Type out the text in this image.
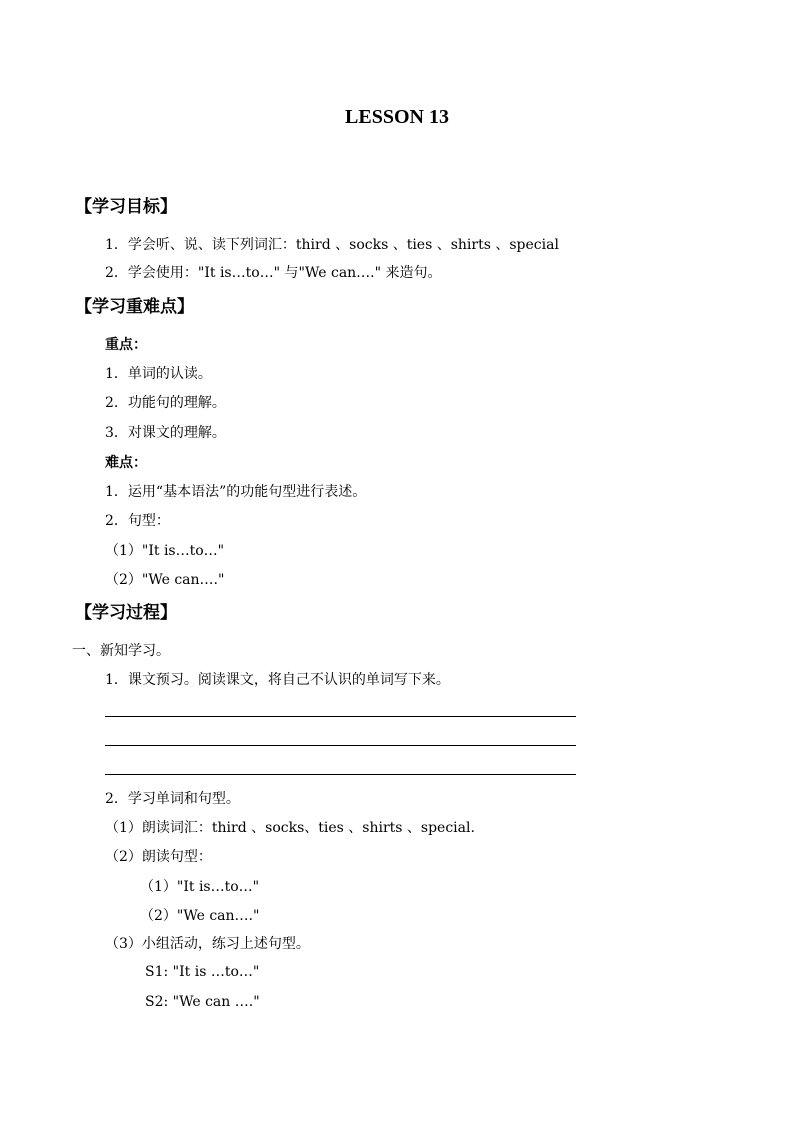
LESSON 13
【学习目标】
1．学会听、说、读下列词汇：third 、socks 、ties 、shirts 、special
2．学会使用："It is…to…" 与"We can…." 来造句。
【学习重难点】
重点：
1．单词的认读。
2．功能句的理解。
3．对课文的理解。
难点：
1．运用“基本语法”的功能句型进行表述。
2．句型：
（1）"It is…to…"
（2）"We can…."
【学习过程】
一、新知学习。
1．课文预习。阅读课文，将自己不认识的单词写下来。
2．学习单词和句型。
（1）朗读词汇：third 、socks、ties 、shirts 、special.
（2）朗读句型：
（1）"It is…to…"
（2）"We can…."
（3）小组活动，练习上述句型。
S1: "It is …to…"
S2: "We can …."
